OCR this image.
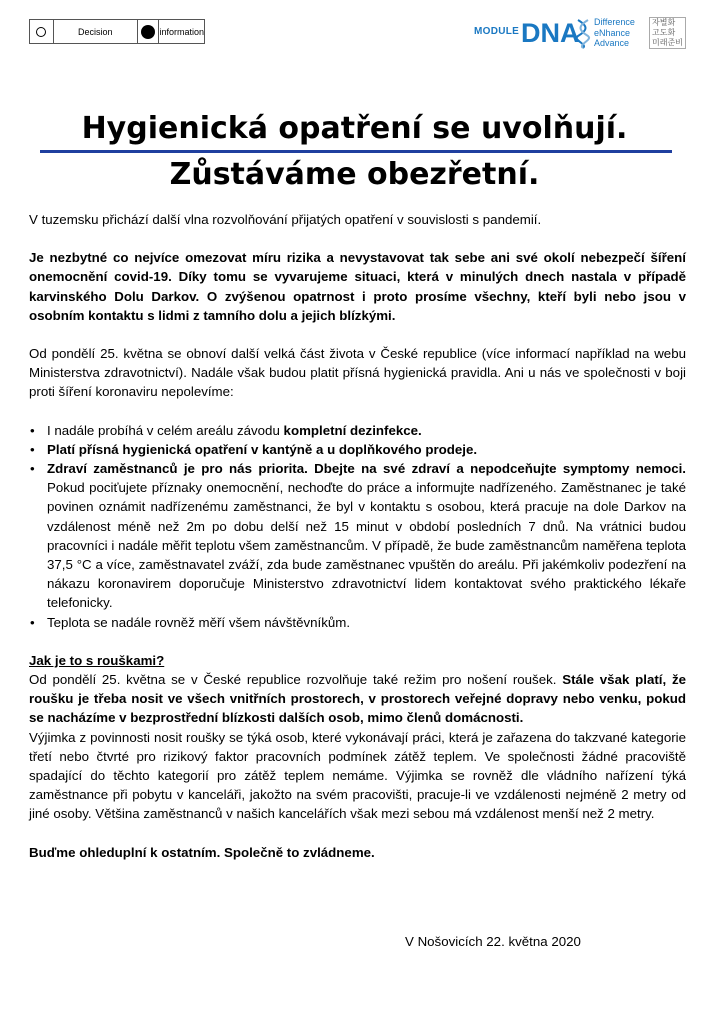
Decision	information	MODULE DNA Difference
eNhance
Advance
자별화
고도화
미래준비
Hygienická opatření se uvolňují.
Zůstáváme obezřetní.

V tuzemsku přichází další vlna rozvolňování přijatých opatření v souvislosti s pandemií.

Je nezbytné co nejvíce omezovat míru rizika a nevystavovat tak sebe ani své okolí nebezpečí šíření onemocnění covid-19. Díky tomu se vyvarujeme situaci, která v minulých dnech nastala v případě karvinského Dolu Darkov. O zvýšenou opatrnost i proto prosíme všechny, kteří byli nebo jsou v osobním kontaktu s lidmi z tamního dolu a jejich blízkými.

Od pondělí 25. května se obnoví další velká část života v České republice (více informací například na webu Ministerstva zdravotnictví). Nadále však budou platit přísná hygienická pravidla. Ani u nás ve společnosti v boji proti šíření koronaviru nepolevíme:

• I nadále probíhá v celém areálu závodu kompletní dezinfekce.
• Platí přísná hygienická opatření v kantýně a u doplňkového prodeje.
• Zdraví zaměstnanců je pro nás priorita. Dbejte na své zdraví a nepodceňujte symptomy nemoci. Pokud pociťujete příznaky onemocnění, nechoďte do práce a informujte nadřízeného. Zaměstnanec je také povinen oznámit nadřízenému zaměstnanci, že byl v kontaktu s osobou, která pracuje na dole Darkov na vzdálenost méně než 2m po dobu delší než 15 minut v období posledních 7 dnů. Na vrátnici budou pracovníci i nadále měřit teplotu všem zaměstnancům. V případě, že bude zaměstnancům naměřena teplota 37,5 °C a více, zaměstnavatel zváží, zda bude zaměstnanec vpuštěn do areálu. Při jakémkoliv podezření na nákazu koronavirem doporučuje Ministerstvo zdravotnictví lidem kontaktovat svého praktického lékaře telefonicky.
• Teplota se nadále rovněž měří všem návštěvníkům.

Jak je to s rouškami?

Od pondělí 25. května se v České republice rozvolňuje také režim pro nošení roušek. Stále však platí, že roušku je třeba nosit ve všech vnitřních prostorech, v prostorech veřejné dopravy nebo venku, pokud se nacházíme v bezprostřední blízkosti dalších osob, mimo členů domácnosti.

Výjimka z povinnosti nosit roušky se týká osob, které vykonávají práci, která je zařazena do takzvané kategorie třetí nebo čtvrté pro rizikový faktor pracovních podmínek zátěž teplem. Ve společnosti žádné pracoviště spadající do těchto kategorií pro zátěž teplem nemáme. Výjimka se rovněž dle vládního nařízení týká zaměstnance při pobytu v kanceláři, jakožto na svém pracovišti, pracuje-li ve vzdálenosti nejméně 2 metry od jiné osoby. Většina zaměstnanců v našich kancelářích však mezi sebou má vzdálenost menší než 2 metry.

Buďme ohleduplní k ostatním. Společně to zvládneme.

V Nošovicích 22. května 2020
